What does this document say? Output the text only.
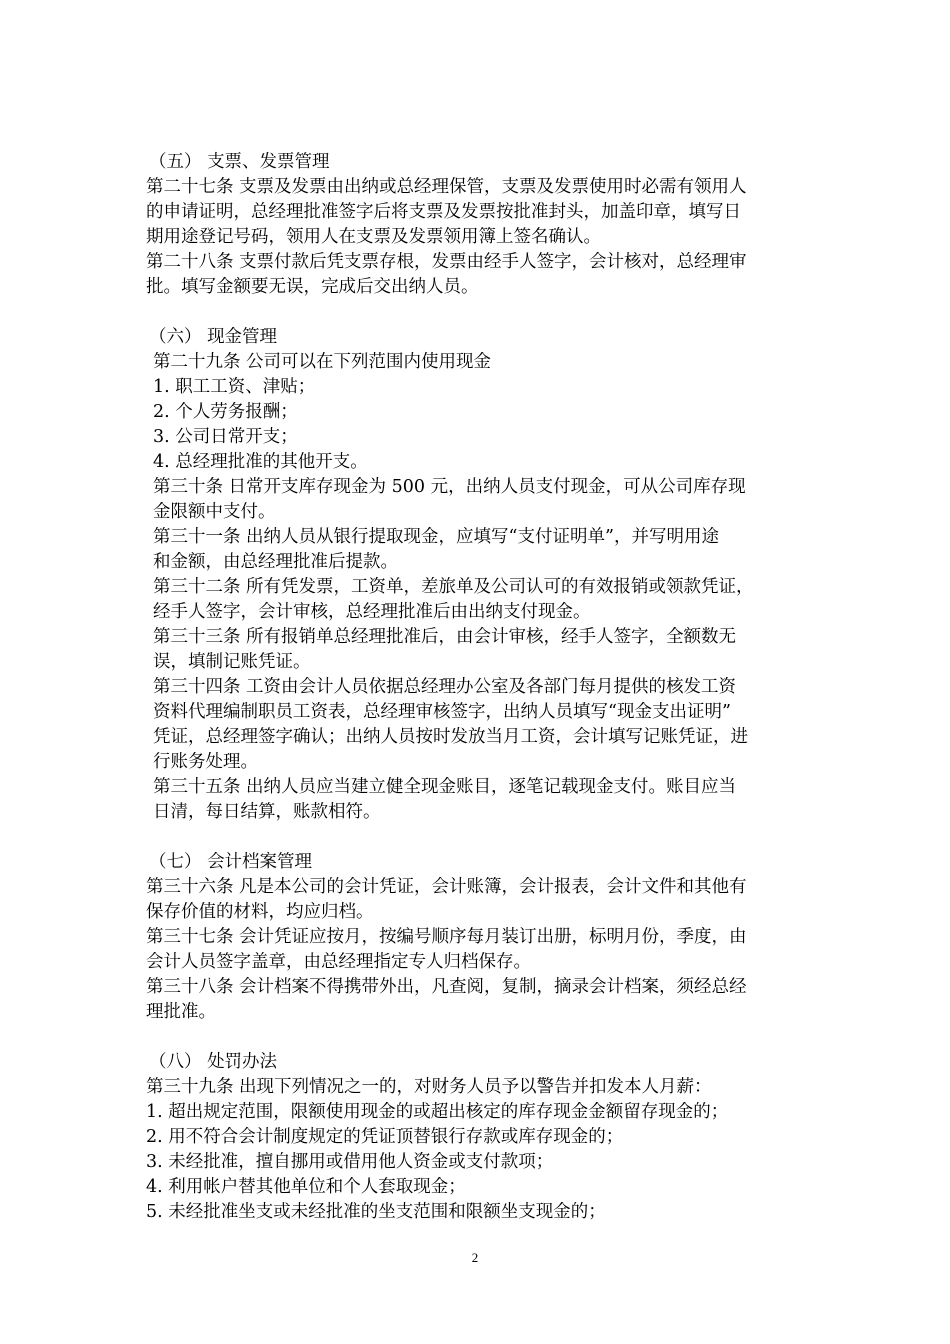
（五） 支票、发票管理
第二十七条 支票及发票由出纳或总经理保管，支票及发票使用时必需有领用人
的申请证明，总经理批准签字后将支票及发票按批准封头，加盖印章，填写日
期用途登记号码，领用人在支票及发票领用簿上签名确认。
第二十八条 支票付款后凭支票存根，发票由经手人签字，会计核对，总经理审
批。填写金额要无误，完成后交出纳人员。
（六） 现金管理
第二十九条 公司可以在下列范围内使用现金
1. 职工工资、津贴；
2. 个人劳务报酬；
3. 公司日常开支；
4. 总经理批准的其他开支。
第三十条 日常开支库存现金为 500 元，出纳人员支付现金，可从公司库存现
金限额中支付。
第三十一条 出纳人员从银行提取现金，应填写“支付证明单”，并写明用途
和金额，由总经理批准后提款。
第三十二条 所有凭发票，工资单，差旅单及公司认可的有效报销或领款凭证，
经手人签字，会计审核，总经理批准后由出纳支付现金。
第三十三条 所有报销单总经理批准后，由会计审核，经手人签字，全额数无
误，填制记账凭证。
第三十四条 工资由会计人员依据总经理办公室及各部门每月提供的核发工资
资料代理编制职员工资表，总经理审核签字，出纳人员填写“现金支出证明”
凭证，总经理签字确认；出纳人员按时发放当月工资，会计填写记账凭证，进
行账务处理。
第三十五条 出纳人员应当建立健全现金账目，逐笔记载现金支付。账目应当
日清，每日结算，账款相符。
（七） 会计档案管理
第三十六条 凡是本公司的会计凭证，会计账簿，会计报表，会计文件和其他有
保存价值的材料，均应归档。
第三十七条 会计凭证应按月，按编号顺序每月装订出册，标明月份，季度，由
会计人员签字盖章，由总经理指定专人归档保存。
第三十八条 会计档案不得携带外出，凡查阅，复制，摘录会计档案，须经总经
理批准。
（八） 处罚办法
第三十九条 出现下列情况之一的，对财务人员予以警告并扣发本人月薪：
1. 超出规定范围，限额使用现金的或超出核定的库存现金金额留存现金的；
2. 用不符合会计制度规定的凭证顶替银行存款或库存现金的；
3. 未经批准，擅自挪用或借用他人资金或支付款项；
4. 利用帐户替其他单位和个人套取现金；
5. 未经批准坐支或未经批准的坐支范围和限额坐支现金的；
2
